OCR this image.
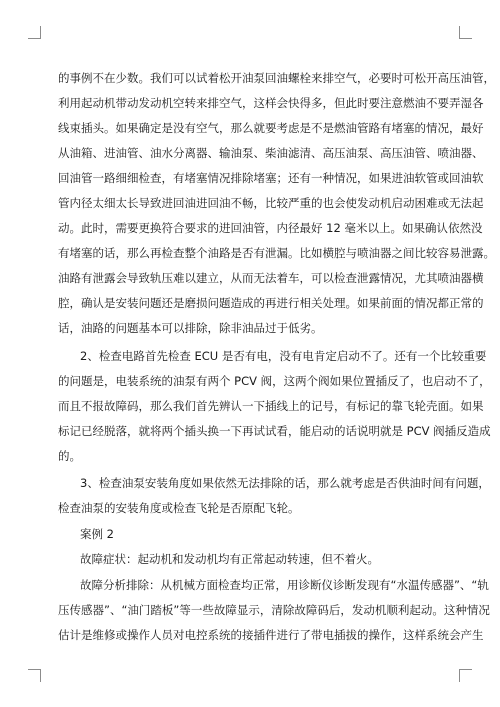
的事例不在少数。我们可以试着松开油泵回油螺栓来排空气，必要时可松开高压油管，
利用起动机带动发动机空转来排空气，这样会快得多，但此时要注意燃油不要弄湿各
线束插头。如果确定是没有空气，那么就要考虑是不是燃油管路有堵塞的情况，最好
从油箱、进油管、油水分离器、输油泵、柴油滤清、高压油泵、高压油管、喷油器、
回油管一路细细检查，有堵塞情况排除堵塞；还有一种情况，如果进油软管或回油软
管内径太细太长导致进回油进回油不畅，比较严重的也会使发动机启动困难或无法起
动。此时，需要更换符合要求的进回油管，内径最好 12 毫米以上。如果确认依然没
有堵塞的话，那么再检查整个油路是否有泄漏。比如横腔与喷油器之间比较容易泄露。
油路有泄露会导致轨压难以建立，从而无法着车，可以检查泄露情况，尤其喷油器横
腔，确认是安装问题还是磨损问题造成的再进行相关处理。如果前面的情况都正常的
话，油路的问题基本可以排除，除非油品过于低劣。
2、检查电路首先检查 ECU 是否有电，没有电肯定启动不了。还有一个比较重要
的问题是，电装系统的油泵有两个 PCV 阀，这两个阀如果位置插反了，也启动不了，
而且不报故障码，那么我们首先辨认一下插线上的记号，有标记的靠飞轮壳面。如果
标记已经脱落，就将两个插头换一下再试试看，能启动的话说明就是 PCV 阀插反造成
的。
3、检查油泵安装角度如果依然无法排除的话，那么就考虑是否供油时间有问题，
检查油泵的安装角度或检查飞轮是否原配飞轮。
案例 2
故障症状：起动机和发动机均有正常起动转速，但不着火。
故障分析排除：从机械方面检查均正常，用诊断仪诊断发现有“水温传感器”、“轨
压传感器”、“油门踏板”等一些故障显示，清除故障码后，发动机顺利起动。这种情况
估计是维修或操作人员对电控系统的接插件进行了带电插拔的操作，这样系统会产生
